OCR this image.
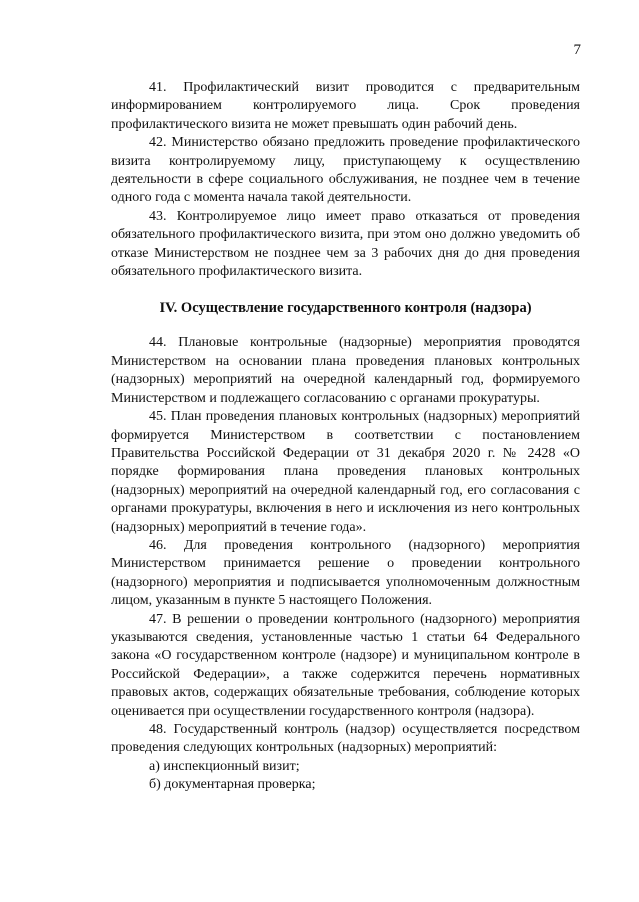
7

41. Профилактический визит проводится с предварительным информированием контролируемого лица. Срок проведения профилактического визита не может превышать один рабочий день.

42. Министерство обязано предложить проведение профилактического визита контролируемому лицу, приступающему к осуществлению деятельности в сфере социального обслуживания, не позднее чем в течение одного года с момента начала такой деятельности.

43. Контролируемое лицо имеет право отказаться от проведения обязательного профилактического визита, при этом оно должно уведомить об отказе Министерством не позднее чем за 3 рабочих дня до дня проведения обязательного профилактического визита.

IV. Осуществление государственного контроля (надзора)

44. Плановые контрольные (надзорные) мероприятия проводятся Министерством на основании плана проведения плановых контрольных (надзорных) мероприятий на очередной календарный год, формируемого Министерством и подлежащего согласованию с органами прокуратуры.

45. План проведения плановых контрольных (надзорных) мероприятий формируется Министерством в соответствии с постановлением Правительства Российской Федерации от 31 декабря 2020 г. № 2428 «О порядке формирования плана проведения плановых контрольных (надзорных) мероприятий на очередной календарный год, его согласования с органами прокуратуры, включения в него и исключения из него контрольных (надзорных) мероприятий в течение года».

46. Для проведения контрольного (надзорного) мероприятия Министерством принимается решение о проведении контрольного (надзорного) мероприятия и подписывается уполномоченным должностным лицом, указанным в пункте 5 настоящего Положения.

47. В решении о проведении контрольного (надзорного) мероприятия указываются сведения, установленные частью 1 статьи 64 Федерального закона «О государственном контроле (надзоре) и муниципальном контроле в Российской Федерации», а также содержится перечень нормативных правовых актов, содержащих обязательные требования, соблюдение которых оценивается при осуществлении государственного контроля (надзора).

48. Государственный контроль (надзор) осуществляется посредством проведения следующих контрольных (надзорных) мероприятий:

а) инспекционный визит;

б) документарная проверка;
